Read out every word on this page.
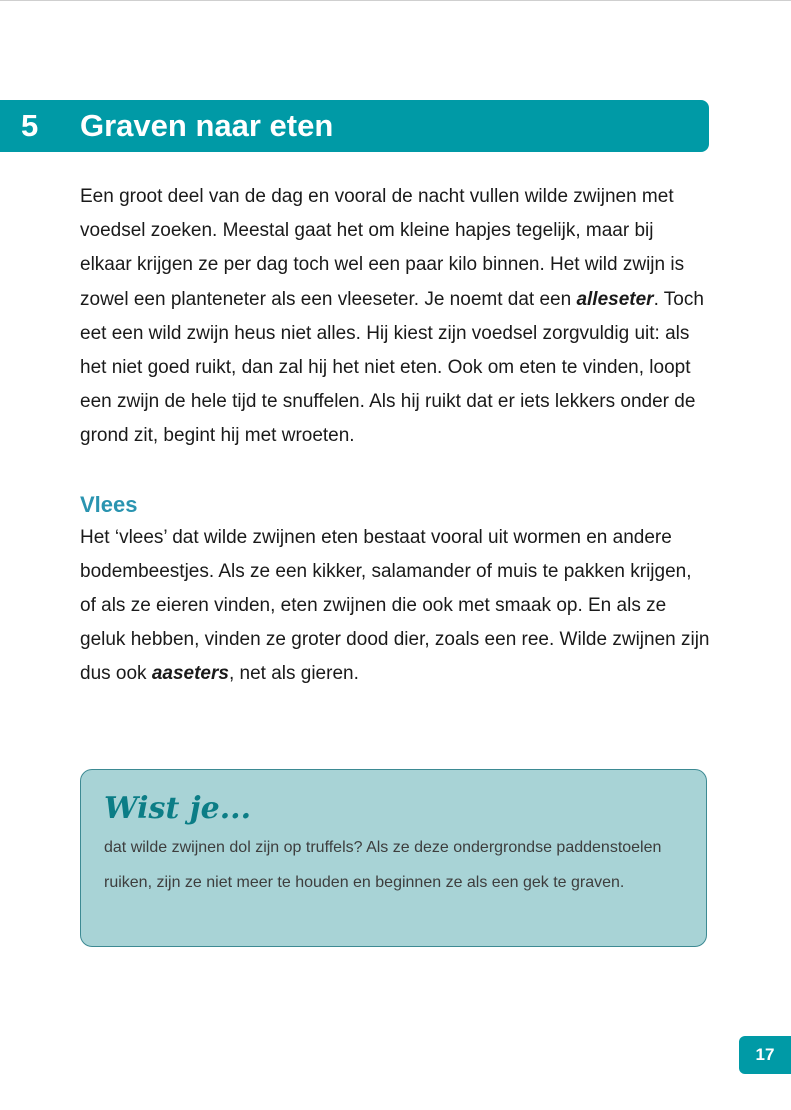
5 Graven naar eten

Een groot deel van de dag en vooral de nacht vullen wilde zwijnen met voedsel zoeken. Meestal gaat het om kleine hapjes tegelijk, maar bij elkaar krijgen ze per dag toch wel een paar kilo binnen. Het wild zwijn is zowel een planteneter als een vleeseter. Je noemt dat een alleseter. Toch eet een wild zwijn heus niet alles. Hij kiest zijn voedsel zorgvuldig uit: als het niet goed ruikt, dan zal hij het niet eten. Ook om eten te vinden, loopt een zwijn de hele tijd te snuffelen. Als hij ruikt dat er iets lekkers onder de grond zit, begint hij met wroeten.

Vlees

Het ‘vlees’ dat wilde zwijnen eten bestaat vooral uit wormen en andere bodembeestjes. Als ze een kikker, salamander of muis te pakken krijgen, of als ze eieren vinden, eten zwijnen die ook met smaak op. En als ze geluk hebben, vinden ze groter dood dier, zoals een ree. Wilde zwijnen zijn dus ook aaseters, net als gieren.

Wist je...

dat wilde zwijnen dol zijn op truffels? Als ze deze ondergrondse paddenstoelen ruiken, zijn ze niet meer te houden en beginnen ze als een gek te graven.

17
